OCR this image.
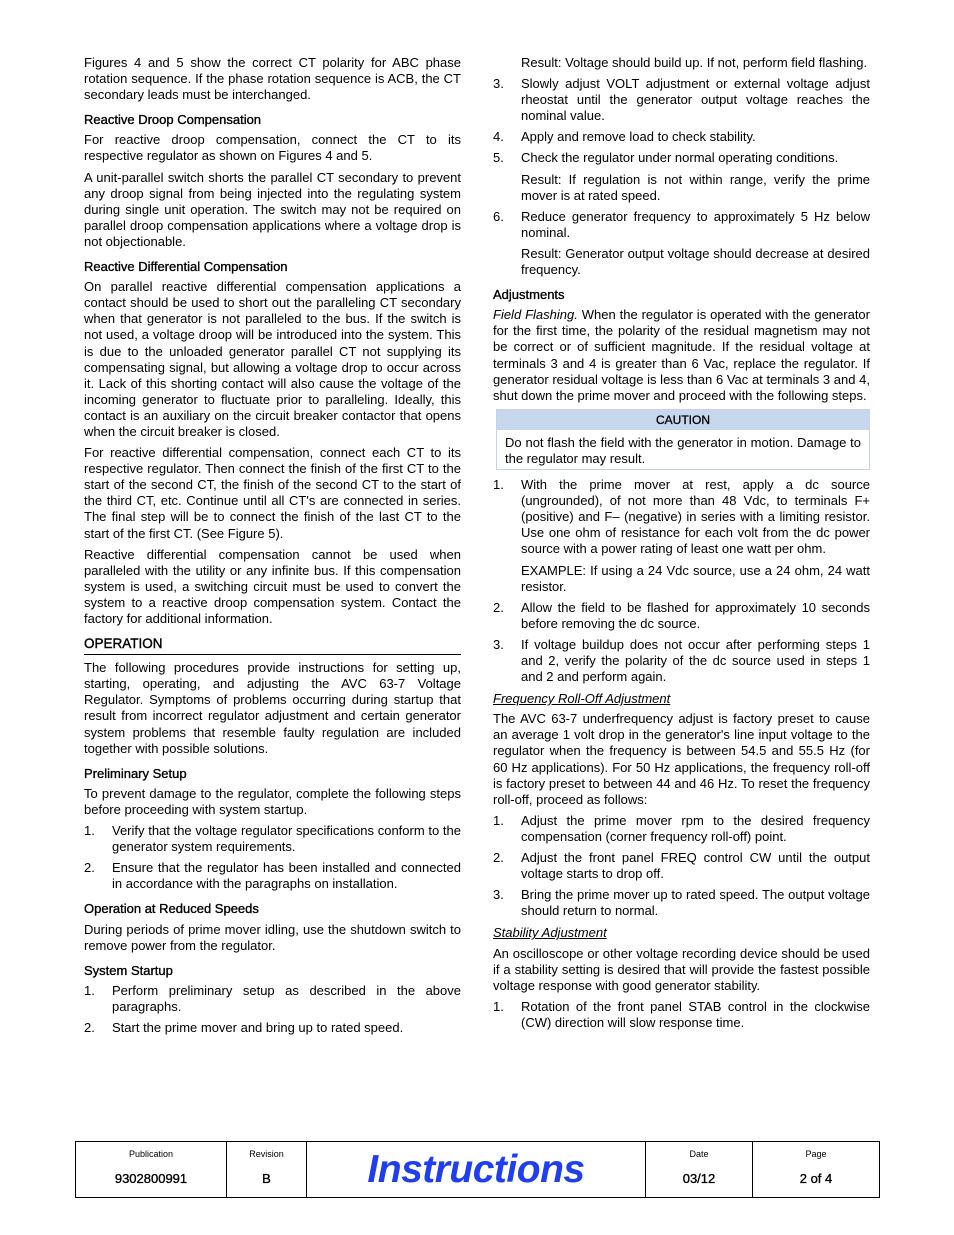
Figures 4 and 5 show the correct CT polarity for ABC phase rotation sequence. If the phase rotation sequence is ACB, the CT secondary leads must be interchanged.

Reactive Droop Compensation

For reactive droop compensation, connect the CT to its respective regulator as shown on Figures 4 and 5.

A unit-parallel switch shorts the parallel CT secondary to prevent any droop signal from being injected into the regulating system during single unit operation. The switch may not be required on parallel droop compensation applications where a voltage drop is not objectionable.

Reactive Differential Compensation

On parallel reactive differential compensation applications a contact should be used to short out the paralleling CT secondary when that generator is not paralleled to the bus. If the switch is not used, a voltage droop will be introduced into the system. This is due to the unloaded generator parallel CT not supplying its compensating signal, but allowing a voltage drop to occur across it. Lack of this shorting contact will also cause the voltage of the incoming generator to fluctuate prior to paralleling. Ideally, this contact is an auxiliary on the circuit breaker contactor that opens when the circuit breaker is closed.

For reactive differential compensation, connect each CT to its respective regulator. Then connect the finish of the first CT to the start of the second CT, the finish of the second CT to the start of the third CT, etc. Continue until all CT's are connected in series. The final step will be to connect the finish of the last CT to the start of the first CT. (See Figure 5).

Reactive differential compensation cannot be used when paralleled with the utility or any infinite bus. If this compensation system is used, a switching circuit must be used to convert the system to a reactive droop compensation system. Contact the factory for additional information.

OPERATION

The following procedures provide instructions for setting up, starting, operating, and adjusting the AVC 63-7 Voltage Regulator. Symptoms of problems occurring during startup that result from incorrect regulator adjustment and certain generator system problems that resemble faulty regulation are included together with possible solutions.

Preliminary Setup

To prevent damage to the regulator, complete the following steps before proceeding with system startup.

1.	Verify that the voltage regulator specifications conform to the generator system requirements.
2.	Ensure that the regulator has been installed and connected in accordance with the paragraphs on installation.
Operation at Reduced Speeds

During periods of prime mover idling, use the shutdown switch to remove power from the regulator.

System Startup
1.	Perform preliminary setup as described in the above paragraphs.
2.	Start the prime mover and bring up to rated speed.

Result: Voltage should build up. If not, perform field flashing.

3.	Slowly adjust VOLT adjustment or external voltage adjust rheostat until the generator output voltage reaches the nominal value.
4.	Apply and remove load to check stability.
5.	Check the regulator under normal operating conditions.

Result: If regulation is not within range, verify the prime mover is at rated speed.

6.	Reduce generator frequency to approximately 5 Hz below nominal.

Result: Generator output voltage should decrease at desired frequency.

Adjustments

Field Flashing. When the regulator is operated with the generator for the first time, the polarity of the residual magnetism may not be correct or of sufficient magnitude. If the residual voltage at terminals 3 and 4 is greater than 6 Vac, replace the regulator. If generator residual voltage is less than 6 Vac at terminals 3 and 4, shut down the prime mover and proceed with the following steps.

CAUTION
Do not flash the field with the generator in motion. Damage to the regulator may result.
1.	With the prime mover at rest, apply a dc source (ungrounded), of not more than 48 Vdc, to terminals F+ (positive) and F– (negative) in series with a limiting resistor. Use one ohm of resistance for each volt from the dc power source with a power rating of least one watt per ohm.

EXAMPLE: If using a 24 Vdc source, use a 24 ohm, 24 watt resistor.

2.	Allow the field to be flashed for approximately 10 seconds before removing the dc source.
3.	If voltage buildup does not occur after performing steps 1 and 2, verify the polarity of the dc source used in steps 1 and 2 and perform again.
Frequency Roll-Off Adjustment

The AVC 63-7 underfrequency adjust is factory preset to cause an average 1 volt drop in the generator's line input voltage to the regulator when the frequency is between 54.5 and 55.5 Hz (for 60 Hz applications). For 50 Hz applications, the frequency roll-off is factory preset to between 44 and 46 Hz. To reset the frequency roll-off, proceed as follows:

1.	Adjust the prime mover rpm to the desired frequency compensation (corner frequency roll-off) point.
2.	Adjust the front panel FREQ control CW until the output voltage starts to drop off.
3.	Bring the prime mover up to rated speed. The output voltage should return to normal.
Stability Adjustment

An oscilloscope or other voltage recording device should be used if a stability setting is desired that will provide the fastest possible voltage response with good generator stability.

1.	Rotation of the front panel STAB control in the clockwise (CW) direction will slow response time.
Publication
9302800991
Revision
B	Instructions	Date
03/12
Page
2 of 4
